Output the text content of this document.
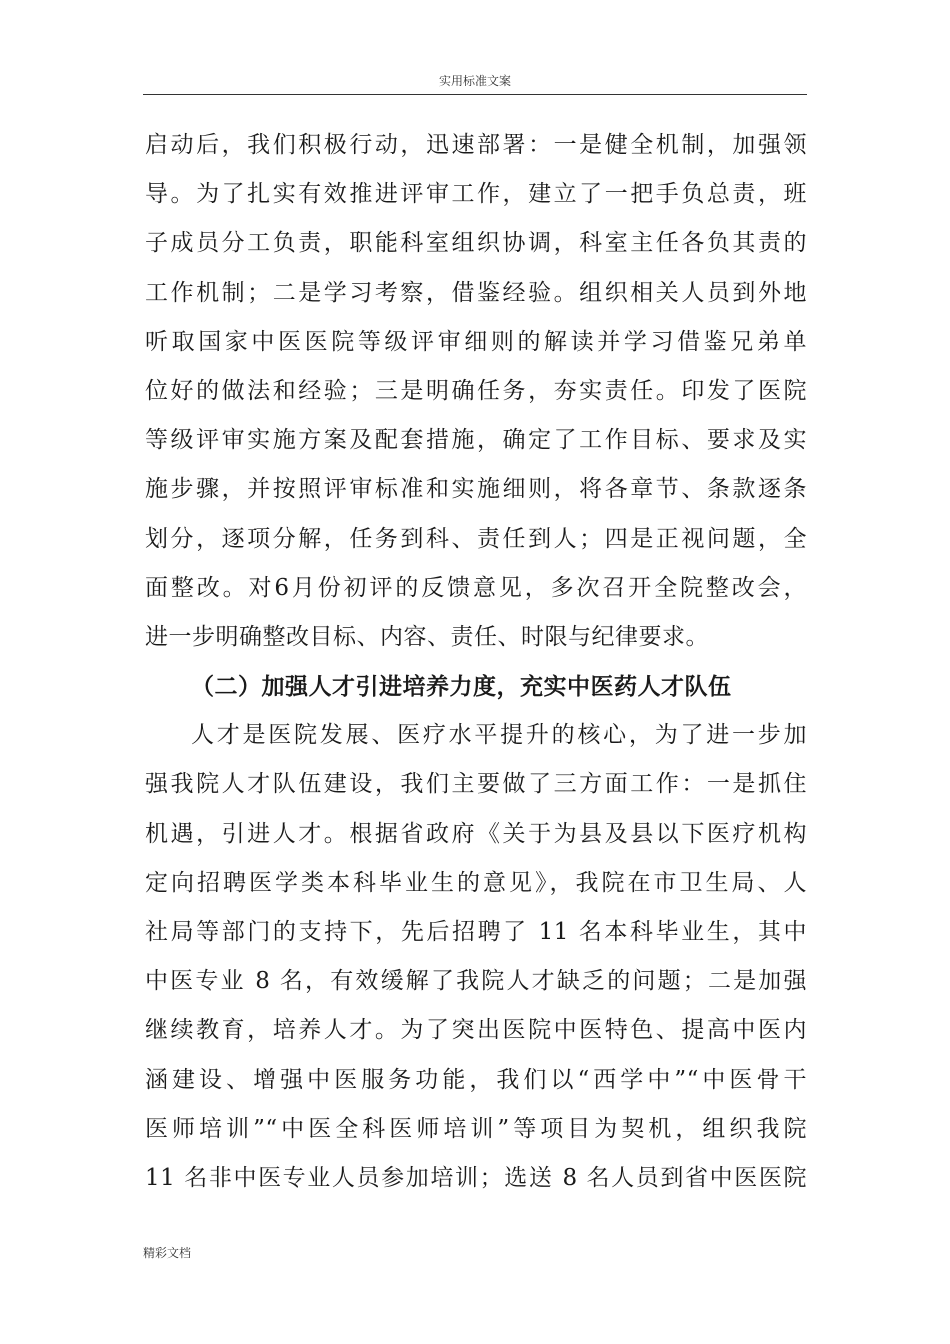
实用标准文案
启动后，我们积极行动，迅速部署：一是健全机制，加强领
导。为了扎实有效推进评审工作，建立了一把手负总责，班
子成员分工负责，职能科室组织协调，科室主任各负其责的
工作机制；二是学习考察，借鉴经验。组织相关人员到外地
听取国家中医医院等级评审细则的解读并学习借鉴兄弟单
位好的做法和经验；三是明确任务，夯实责任。印发了医院
等级评审实施方案及配套措施，确定了工作目标、要求及实
施步骤，并按照评审标准和实施细则，将各章节、条款逐条
划分，逐项分解，任务到科、责任到人；四是正视问题，全
面整改。对6月份初评的反馈意见，多次召开全院整改会，
进一步明确整改目标、内容、责任、时限与纪律要求。
（二）加强人才引进培养力度，充实中医药人才队伍
人才是医院发展、医疗水平提升的核心，为了进一步加
强我院人才队伍建设，我们主要做了三方面工作：一是抓住
机遇，引进人才。根据省政府《关于为县及县以下医疗机构
定向招聘医学类本科毕业生的意见》，我院在市卫生局、人
社局等部门的支持下，先后招聘了 11 名本科毕业生，其中
中医专业 8 名，有效缓解了我院人才缺乏的问题；二是加强
继续教育，培养人才。为了突出医院中医特色、提高中医内
涵建设、增强中医服务功能，我们以“西学中”“中医骨干
医师培训”“中医全科医师培训”等项目为契机，组织我院
11 名非中医专业人员参加培训；选送 8 名人员到省中医医院
精彩文档
